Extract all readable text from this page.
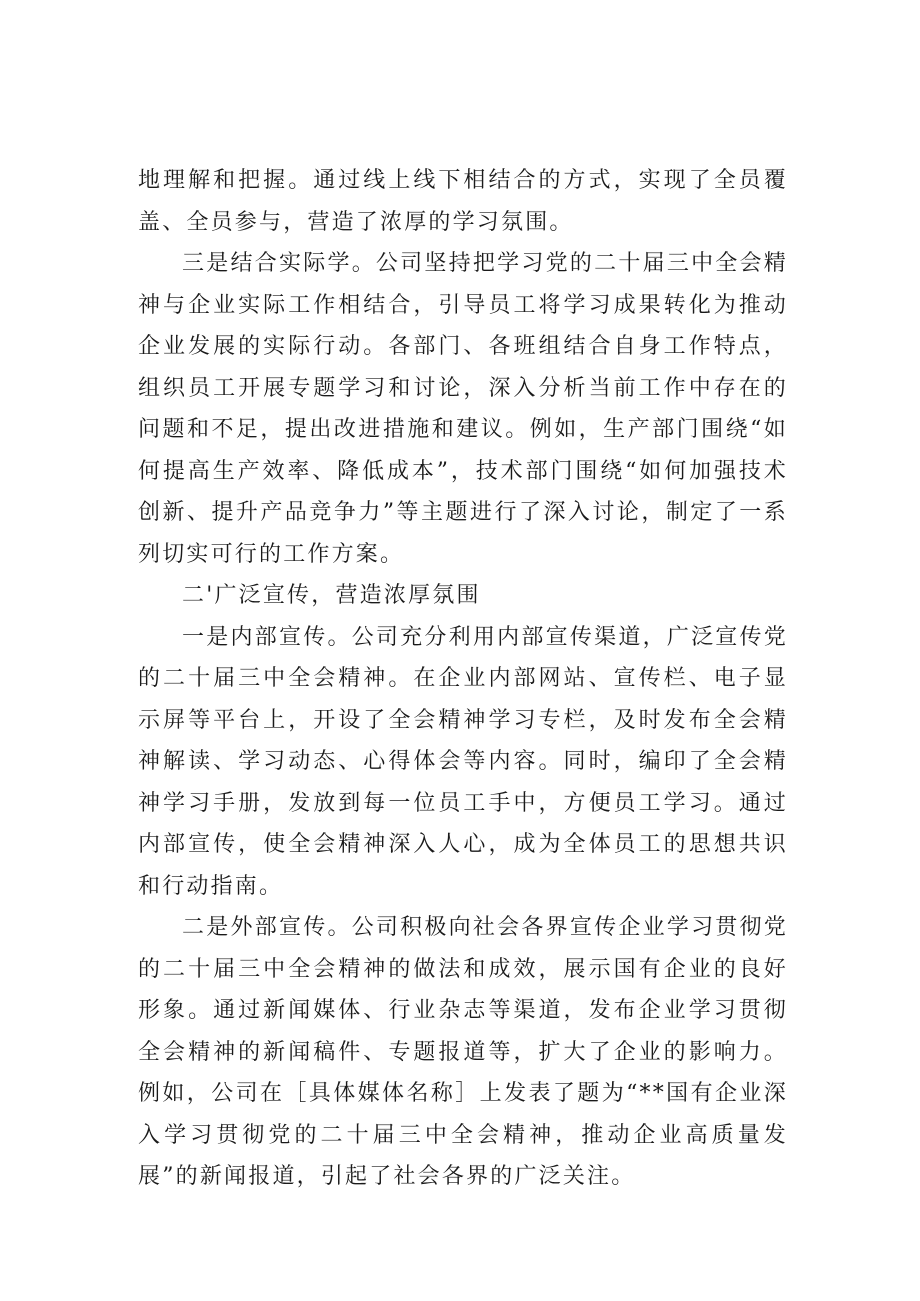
地理解和把握。通过线上线下相结合的方式，实现了全员覆盖、全员参与，营造了浓厚的学习氛围。

三是结合实际学。公司坚持把学习党的二十届三中全会精神与企业实际工作相结合，引导员工将学习成果转化为推动企业发展的实际行动。各部门、各班组结合自身工作特点，组织员工开展专题学习和讨论，深入分析当前工作中存在的问题和不足，提出改进措施和建议。例如，生产部门围绕“如何提高生产效率、降低成本”，技术部门围绕“如何加强技术创新、提升产品竞争力”等主题进行了深入讨论，制定了一系列切实可行的工作方案。

二'广泛宣传，营造浓厚氛围

一是内部宣传。公司充分利用内部宣传渠道，广泛宣传党的二十届三中全会精神。在企业内部网站、宣传栏、电子显示屏等平台上，开设了全会精神学习专栏，及时发布全会精神解读、学习动态、心得体会等内容。同时，编印了全会精神学习手册，发放到每一位员工手中，方便员工学习。通过内部宣传，使全会精神深入人心，成为全体员工的思想共识和行动指南。

二是外部宣传。公司积极向社会各界宣传企业学习贯彻党的二十届三中全会精神的做法和成效，展示国有企业的良好形象。通过新闻媒体、行业杂志等渠道，发布企业学习贯彻全会精神的新闻稿件、专题报道等，扩大了企业的影响力。例如，公司在［具体媒体名称］上发表了题为“**国有企业深入学习贯彻党的二十届三中全会精神，推动企业高质量发展”的新闻报道，引起了社会各界的广泛关注。
